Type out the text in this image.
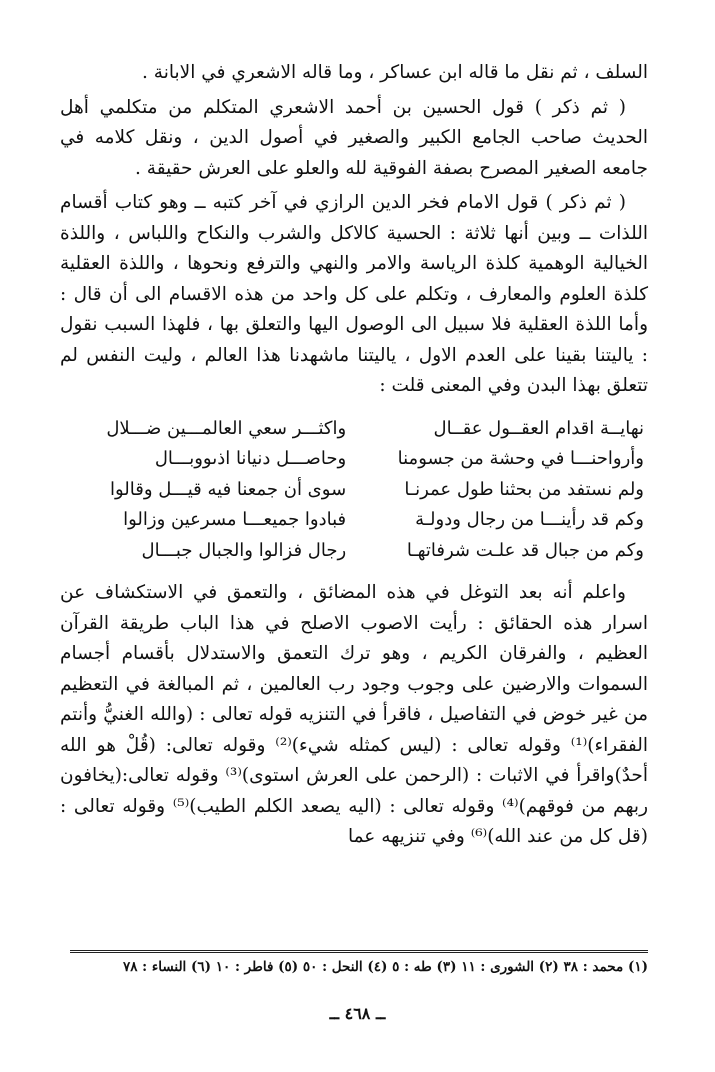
السلف ، ثم نقل ما قاله ابن عساكر ، وما قاله الاشعري في الابانة .

( ثم ذكر ) قول الحسين بن أحمد الاشعري المتكلم من متكلمي أهل الحديث صاحب الجامع الكبير والصغير في أصول الدين ، ونقل كلامه في جامعه الصغير المصرح بصفة الفوقية لله والعلو على العرش حقيقة .

( ثم ذكر ) قول الامام فخر الدين الرازي في آخر كتبه ــ وهو كتاب أقسام اللذات ــ وبين أنها ثلاثة : الحسية كالاكل والشرب والنكاح واللباس ، واللذة الخيالية الوهمية كلذة الرياسة والامر والنهي والترفع ونحوها ، واللذة العقلية كلذة العلوم والمعارف ، وتكلم على كل واحد من هذه الاقسام الى أن قال : وأما اللذة العقلية فلا سبيل الى الوصول اليها والتعلق بها ، فلهذا السبب نقول : ياليتنا بقينا على العدم الاول ، ياليتنا ماشهدنا هذا العالم ، وليت النفس لم تتعلق بهذا البدن وفي المعنى قلت :

نهايــة اقدام العقــول عقــال
واكثـــر سعي العالمـــين ضـــلال
وأرواحنـــا في وحشة من جسومنا
وحاصـــل دنيانا اذىووبـــال
ولم نستفد من بحثنا طول عمرنـا
سوى أن جمعنا فيه قيـــل وقالوا
وكم قد رأينـــا من رجال ودولـة
فبادوا جميعـــا مسرعين وزالوا
وكم من جبال قد علـت شرفاتهـا
رجال فزالوا والجبال جبـــال

واعلم أنه بعد التوغل في هذه المضائق ، والتعمق في الاستكشاف عن اسرار هذه الحقائق : رأيت الاصوب الاصلح في هذا الباب طريقة القرآن العظيم ، والفرقان الكريم ، وهو ترك التعمق والاستدلال بأقسام أجسام السموات والارضين على وجوب وجود رب العالمين ، ثم المبالغة في التعظيم من غير خوض في التفاصيل ، فاقرأ في التنزيه قوله تعالى : (والله الغنيُّ وأنتم الفقراء)⁽¹⁾ وقوله تعالى : (ليس كمثله شيء)⁽²⁾ وقوله تعالى: (قُلْ هو الله أحدٌ)واقرأ في الاثبات : (الرحمن على العرش استوى)⁽³⁾ وقوله تعالى:(يخافون ربهم من فوقهم)⁽⁴⁾ وقوله تعالى : (اليه يصعد الكلم الطيب)⁽⁵⁾ وقوله تعالى : (قل كل من عند الله)⁽⁶⁾ وفي تنزيهه عما

(١) محمد : ٣٨ (٢) الشورى : ١١ (٣) طه : ٥ (٤) النحل : ٥٠ (٥) فاطر : ١٠ (٦) النساء : ٧٨
ــ ٤٦٨ ــ
